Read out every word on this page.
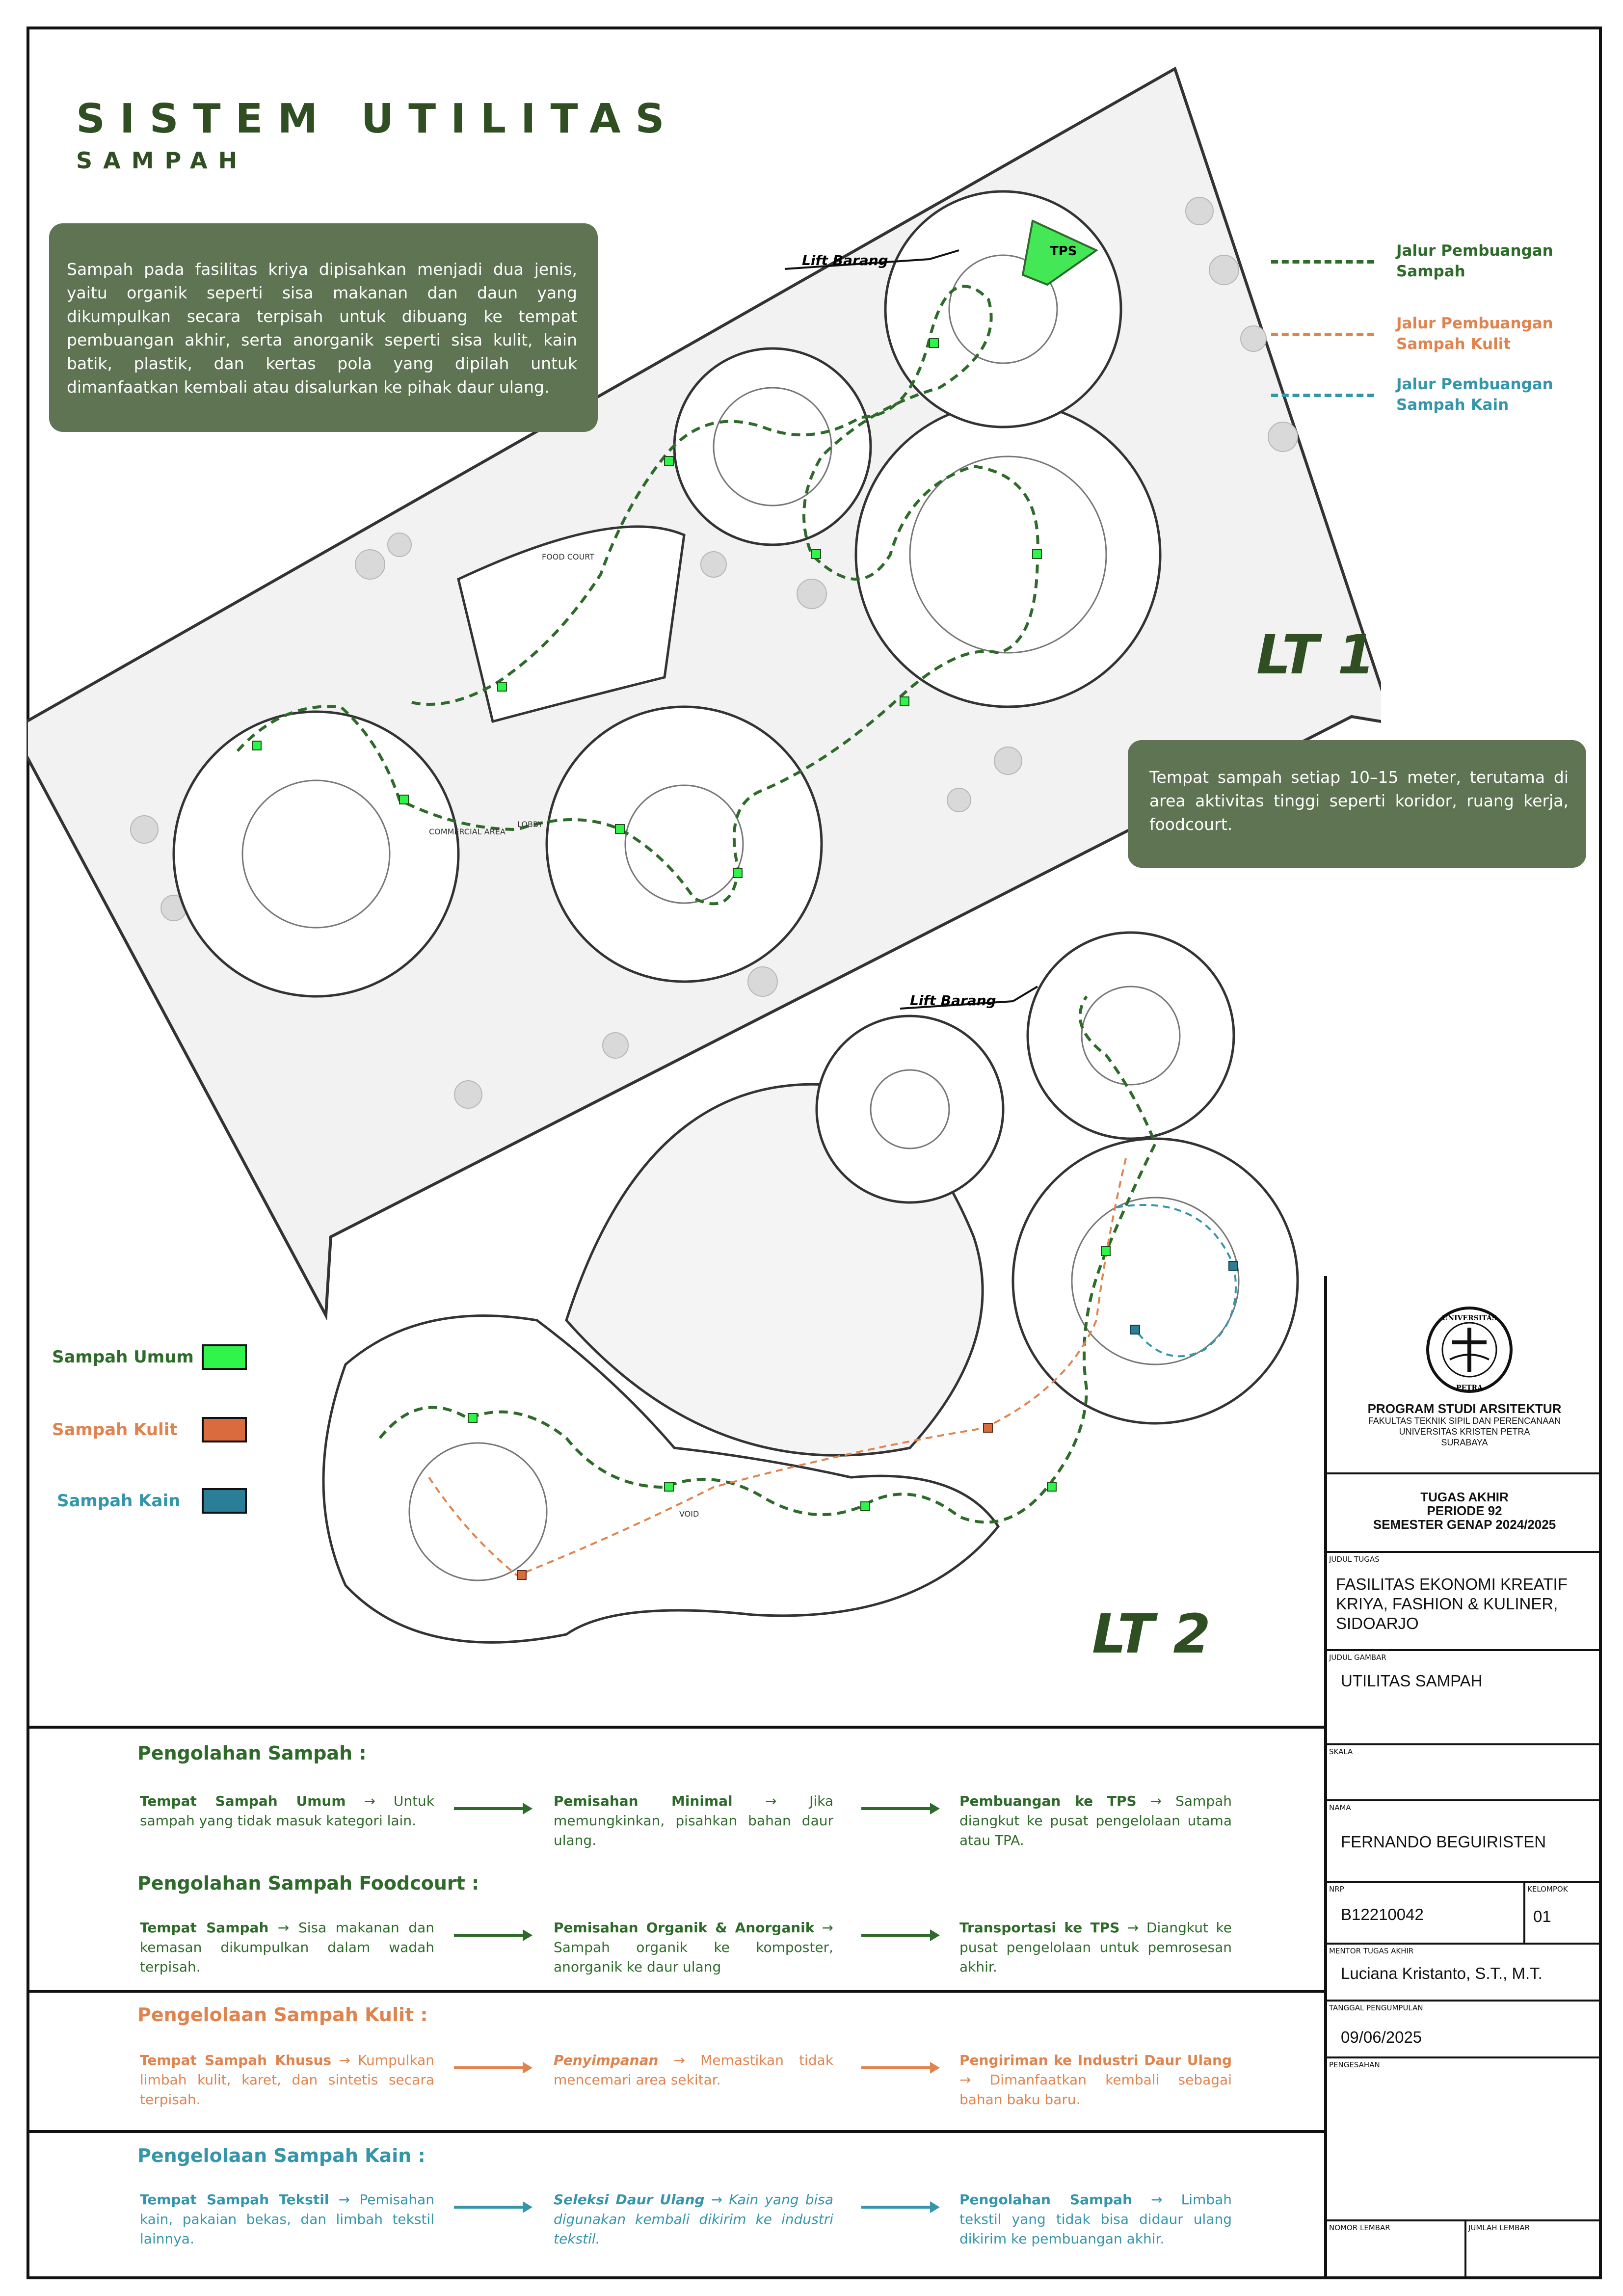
SISTEM UTILITAS
SAMPAH
TPS
FOOD COURT
COMMERCIAL AREA
LOBBY
Lift Barang
VOID
Lift Barang
Sampah pada fasilitas kriya dipisahkan menjadi dua jenis, yaitu organik seperti sisa makanan dan daun yang dikumpulkan secara terpisah untuk dibuang ke tempat pembuangan akhir, serta anorganik seperti sisa kulit, kain batik, plastik, dan kertas pola yang dipilah untuk dimanfaatkan kembali atau disalurkan ke pihak daur ulang.
Tempat sampah setiap 10–15 meter, terutama di area aktivitas tinggi seperti koridor, ruang kerja, foodcourt.
Jalur Pembuangan Sampah
Jalur Pembuangan Sampah Kulit
Jalur Pembuangan Sampah Kain
LT 1
LT 2
Sampah Umum
Sampah Kulit
Sampah Kain
Pengolahan Sampah :
Tempat Sampah Umum → Untuk sampah yang tidak masuk kategori lain.
Pemisahan Minimal → Jika memungkinkan, pisahkan bahan daur ulang.
Pembuangan ke TPS → Sampah diangkut ke pusat pengelolaan utama atau TPA.
Pengolahan Sampah Foodcourt :
Tempat Sampah → Sisa makanan dan kemasan dikumpulkan dalam wadah terpisah.
Pemisahan Organik & Anorganik → Sampah organik ke komposter, anorganik ke daur ulang
Transportasi ke TPS → Diangkut ke pusat pengelolaan untuk pemrosesan akhir.
Pengelolaan Sampah Kulit :
Tempat Sampah Khusus → Kumpulkan limbah kulit, karet, dan sintetis secara terpisah.
Penyimpanan → Memastikan tidak mencemari area sekitar.
Pengiriman ke Industri Daur Ulang → Dimanfaatkan kembali sebagai bahan baku baru.
Pengelolaan Sampah Kain :
Tempat Sampah Tekstil → Pemisahan kain, pakaian bekas, dan limbah tekstil lainnya.
Seleksi Daur Ulang → Kain yang bisa digunakan kembali dikirim ke industri tekstil.
Pengolahan Sampah → Limbah tekstil yang tidak bisa didaur ulang dikirim ke pembuangan akhir.
UNIVERSITAS
PETRA
PROGRAM STUDI ARSITEKTUR
FAKULTAS TEKNIK SIPIL DAN PERENCANAAN
UNIVERSITAS KRISTEN PETRA
SURABAYA
TUGAS AKHIR
PERIODE 92
SEMESTER GENAP 2024/2025
JUDUL TUGAS
FASILITAS EKONOMI KREATIF KRIYA, FASHION & KULINER, SIDOARJO
JUDUL GAMBAR
UTILITAS SAMPAH
SKALA
NAMA
FERNANDO BEGUIRISTEN
NRP
B12210042
KELOMPOK
01
MENTOR TUGAS AKHIR
Luciana Kristanto, S.T., M.T.
TANGGAL PENGUMPULAN
09/06/2025
PENGESAHAN
NOMOR LEMBAR	JUMLAH LEMBAR
